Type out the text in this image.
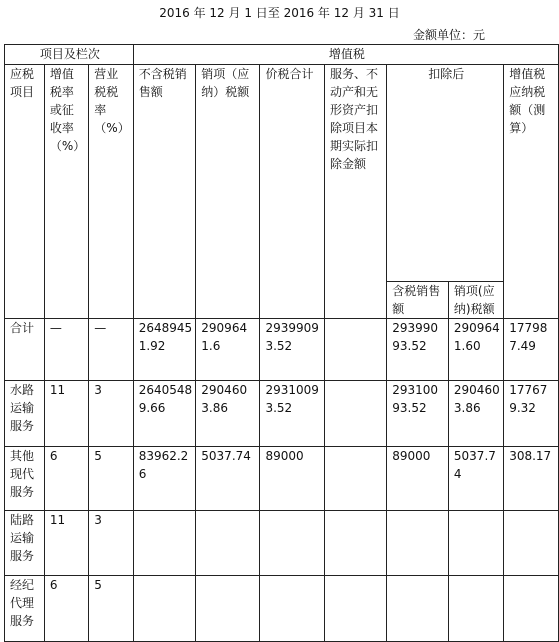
2016 年 12 月 1 日至 2016 年 12 月 31 日
金额单位：元
项目及栏次			增值税						
应税项目	增值税率或征收率（%）	营业税税率（%）	不含税销售额	销项（应纳）税额	价税合计	服务、不动产和无形资产扣除项目本期实际扣除金额	扣除后		增值税应纳税额（测算）
							含税销售额	销项(应纳)税额	
合计	—	—	26489451.92	2909641.6	29399093.52		29399093.52	2909641.60	177987.49
水路运输服务	11	3	26405489.66	2904603.86	29310093.52		29310093.52	2904603.86	177679.32
其他现代服务	6	5	83962.26	5037.74	89000		89000	5037.74	308.17
陆路运输服务	11	3							
经纪代理服务	6	5							
